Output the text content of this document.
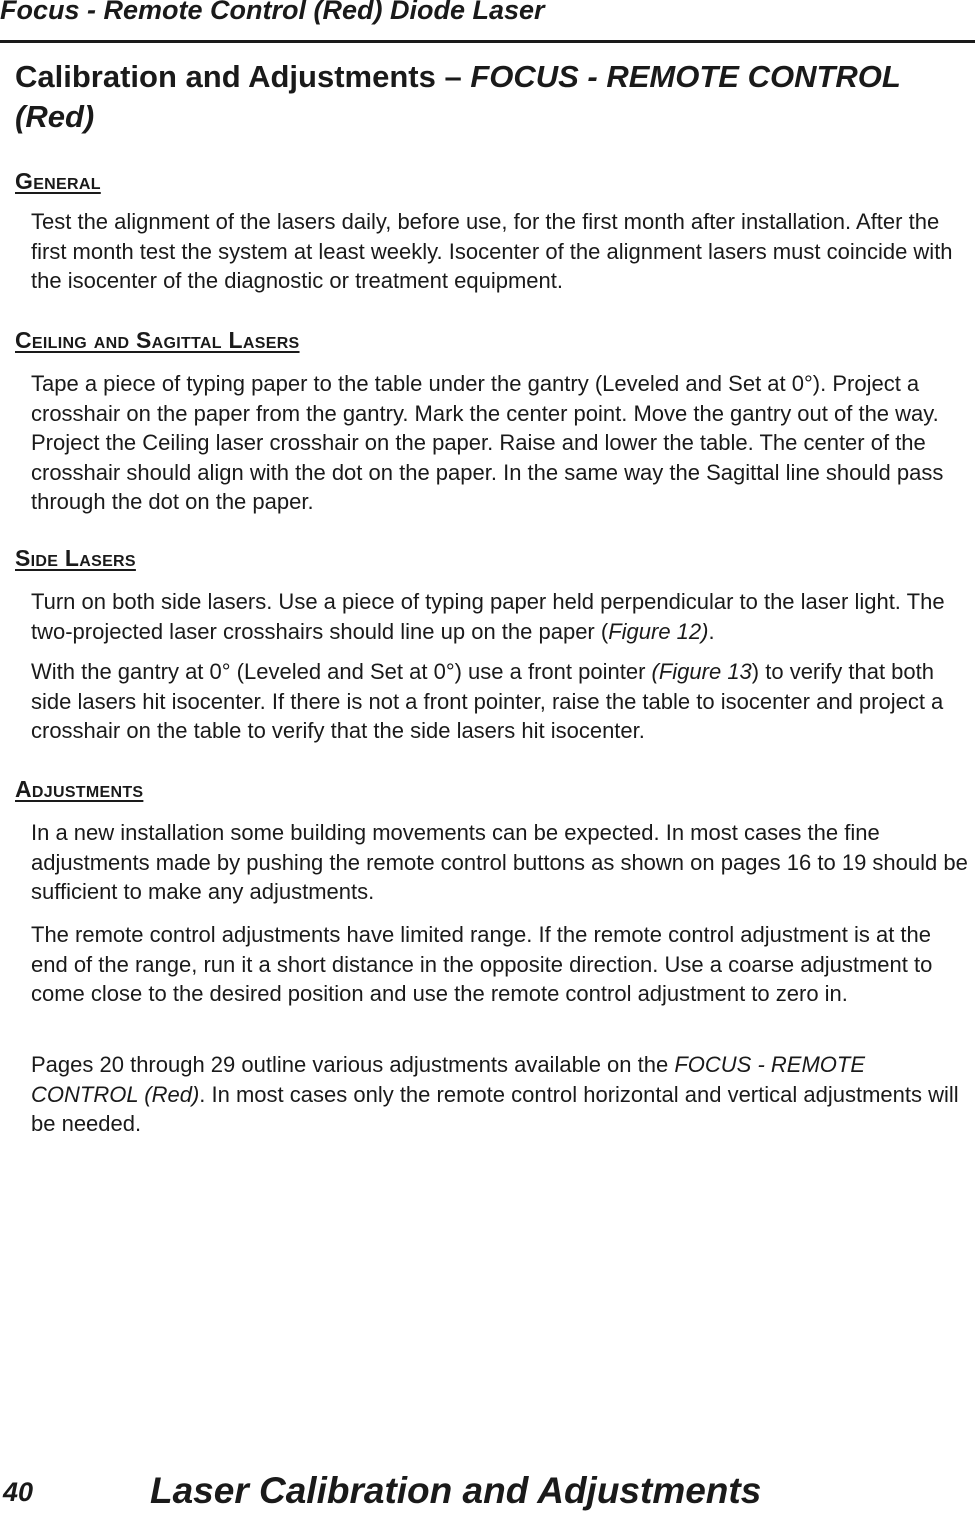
Focus - Remote Control (Red) Diode Laser
Calibration and Adjustments – FOCUS - REMOTE CONTROL (Red)
General
Test the alignment of the lasers daily, before use, for the first month after installation. After the first month test the system at least weekly. Isocenter of the alignment lasers must coincide with the isocenter of the diagnostic or treatment equipment.
Ceiling and Sagittal Lasers
Tape a piece of typing paper to the table under the gantry (Leveled and Set at 0°). Project a crosshair on the paper from the gantry. Mark the center point. Move the gantry out of the way. Project the Ceiling laser crosshair on the paper. Raise and lower the table. The center of the crosshair should align with the dot on the paper. In the same way the Sagittal line should pass through the dot on the paper.
Side Lasers
Turn on both side lasers. Use a piece of typing paper held perpendicular to the laser light. The two-projected laser crosshairs should line up on the paper (Figure 12).
With the gantry at 0° (Leveled and Set at 0°) use a front pointer (Figure 13) to verify that both side lasers hit isocenter. If there is not a front pointer, raise the table to isocenter and project a crosshair on the table to verify that the side lasers hit isocenter.
Adjustments
In a new installation some building movements can be expected. In most cases the fine adjustments made by pushing the remote control buttons as shown on pages 16 to 19 should be sufficient to make any adjustments.
The remote control adjustments have limited range. If the remote control adjustment is at the end of the range, run it a short distance in the opposite direction. Use a coarse adjustment to come close to the desired position and use the remote control adjustment to zero in.
Pages 20 through 29 outline various adjustments available on the FOCUS - REMOTE CONTROL (Red). In most cases only the remote control horizontal and vertical adjustments will be needed.
40	Laser Calibration and Adjustments
